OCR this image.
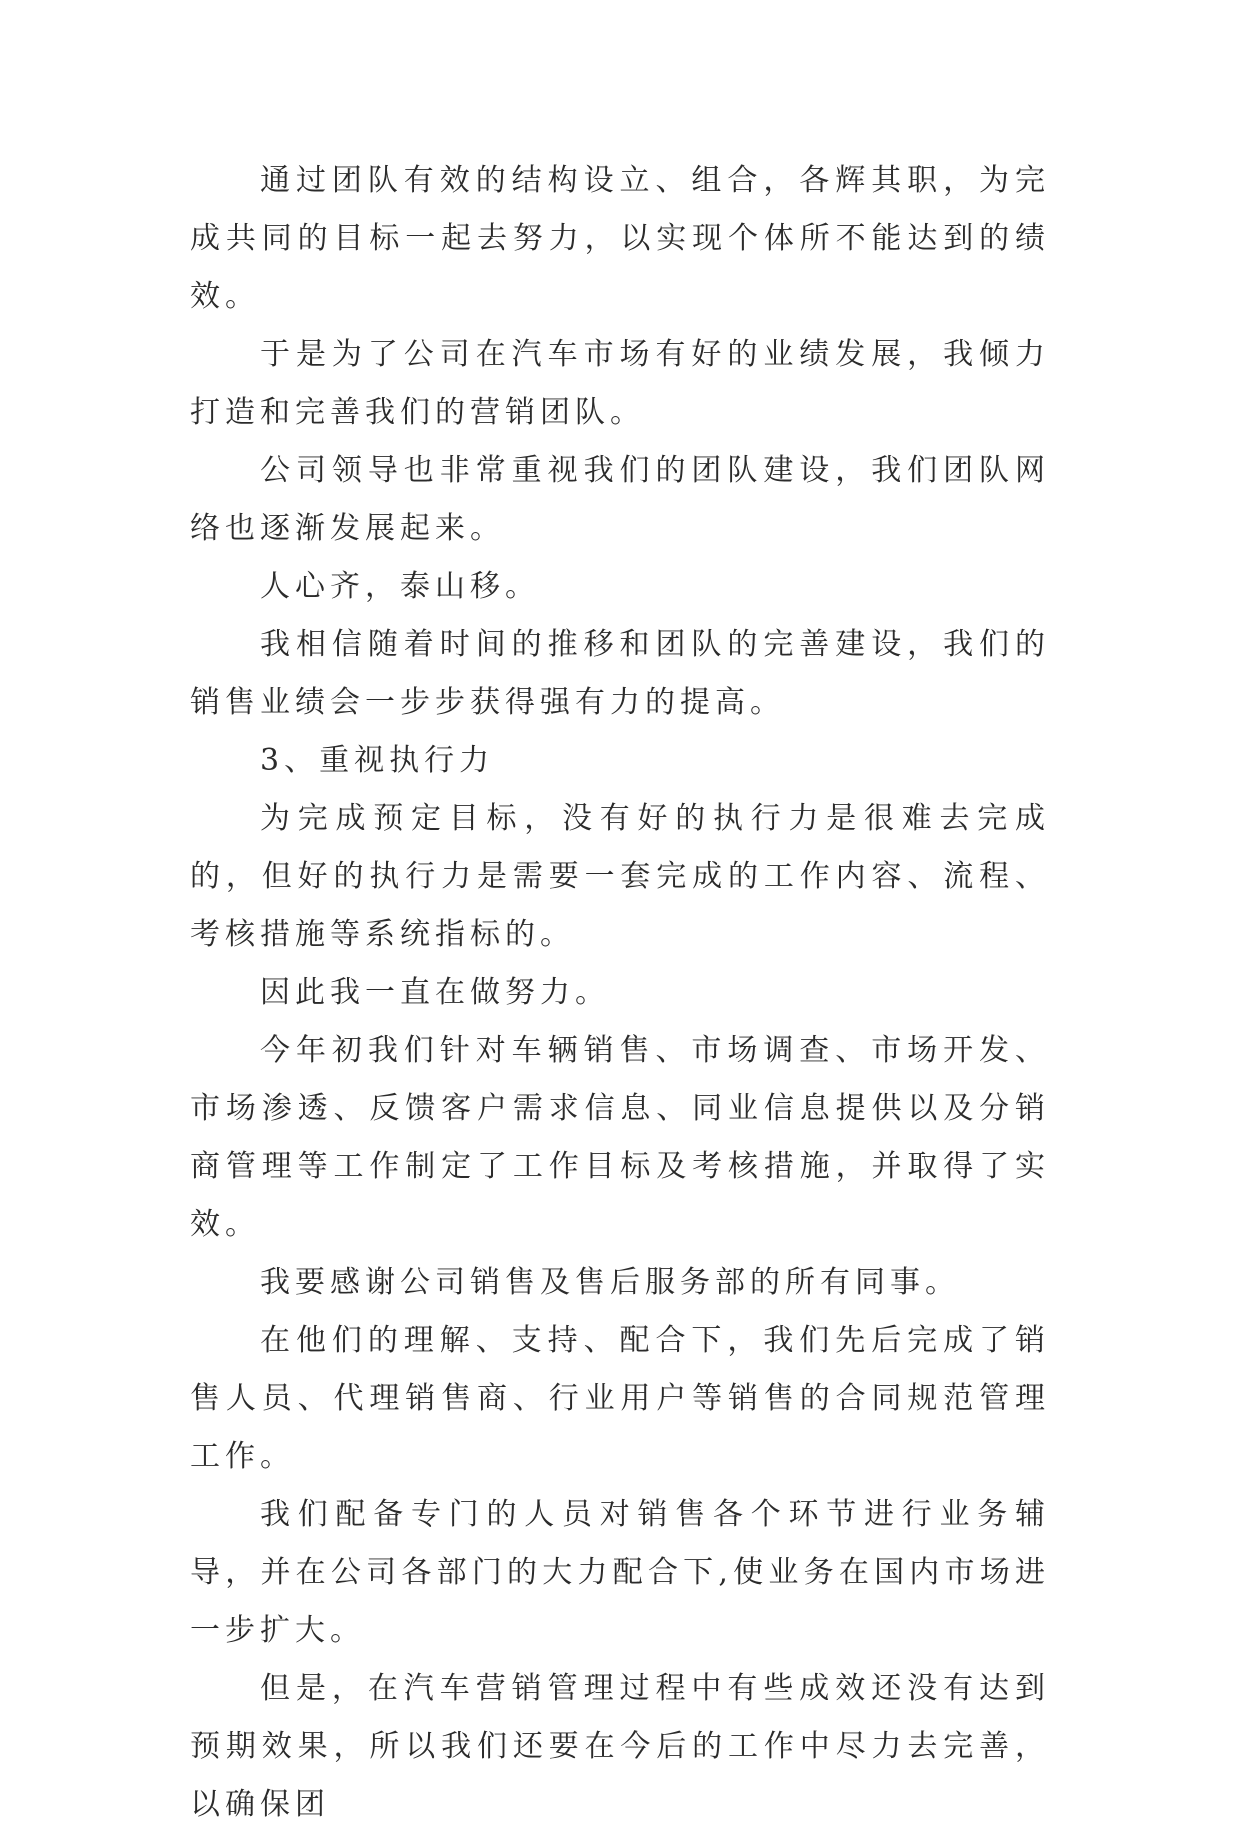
通过团队有效的结构设立、组合，各辉其职，为完成共同的目标一起去努力，以实现个体所不能达到的绩效。

于是为了公司在汽车市场有好的业绩发展，我倾力打造和完善我们的营销团队。

公司领导也非常重视我们的团队建设，我们团队网络也逐渐发展起来。

人心齐，泰山移。

我相信随着时间的推移和团队的完善建设，我们的销售业绩会一步步获得强有力的提高。

3、重视执行力

为完成预定目标，没有好的执行力是很难去完成的，但好的执行力是需要一套完成的工作内容、流程、考核措施等系统指标的。

因此我一直在做努力。

今年初我们针对车辆销售、市场调查、市场开发、市场渗透、反馈客户需求信息、同业信息提供以及分销商管理等工作制定了工作目标及考核措施，并取得了实效。

我要感谢公司销售及售后服务部的所有同事。

在他们的理解、支持、配合下，我们先后完成了销售人员、代理销售商、行业用户等销售的合同规范管理工作。

我们配备专门的人员对销售各个环节进行业务辅导，并在公司各部门的大力配合下,使业务在国内市场进一步扩大。

但是，在汽车营销管理过程中有些成效还没有达到预期效果，所以我们还要在今后的工作中尽力去完善，以确保团
